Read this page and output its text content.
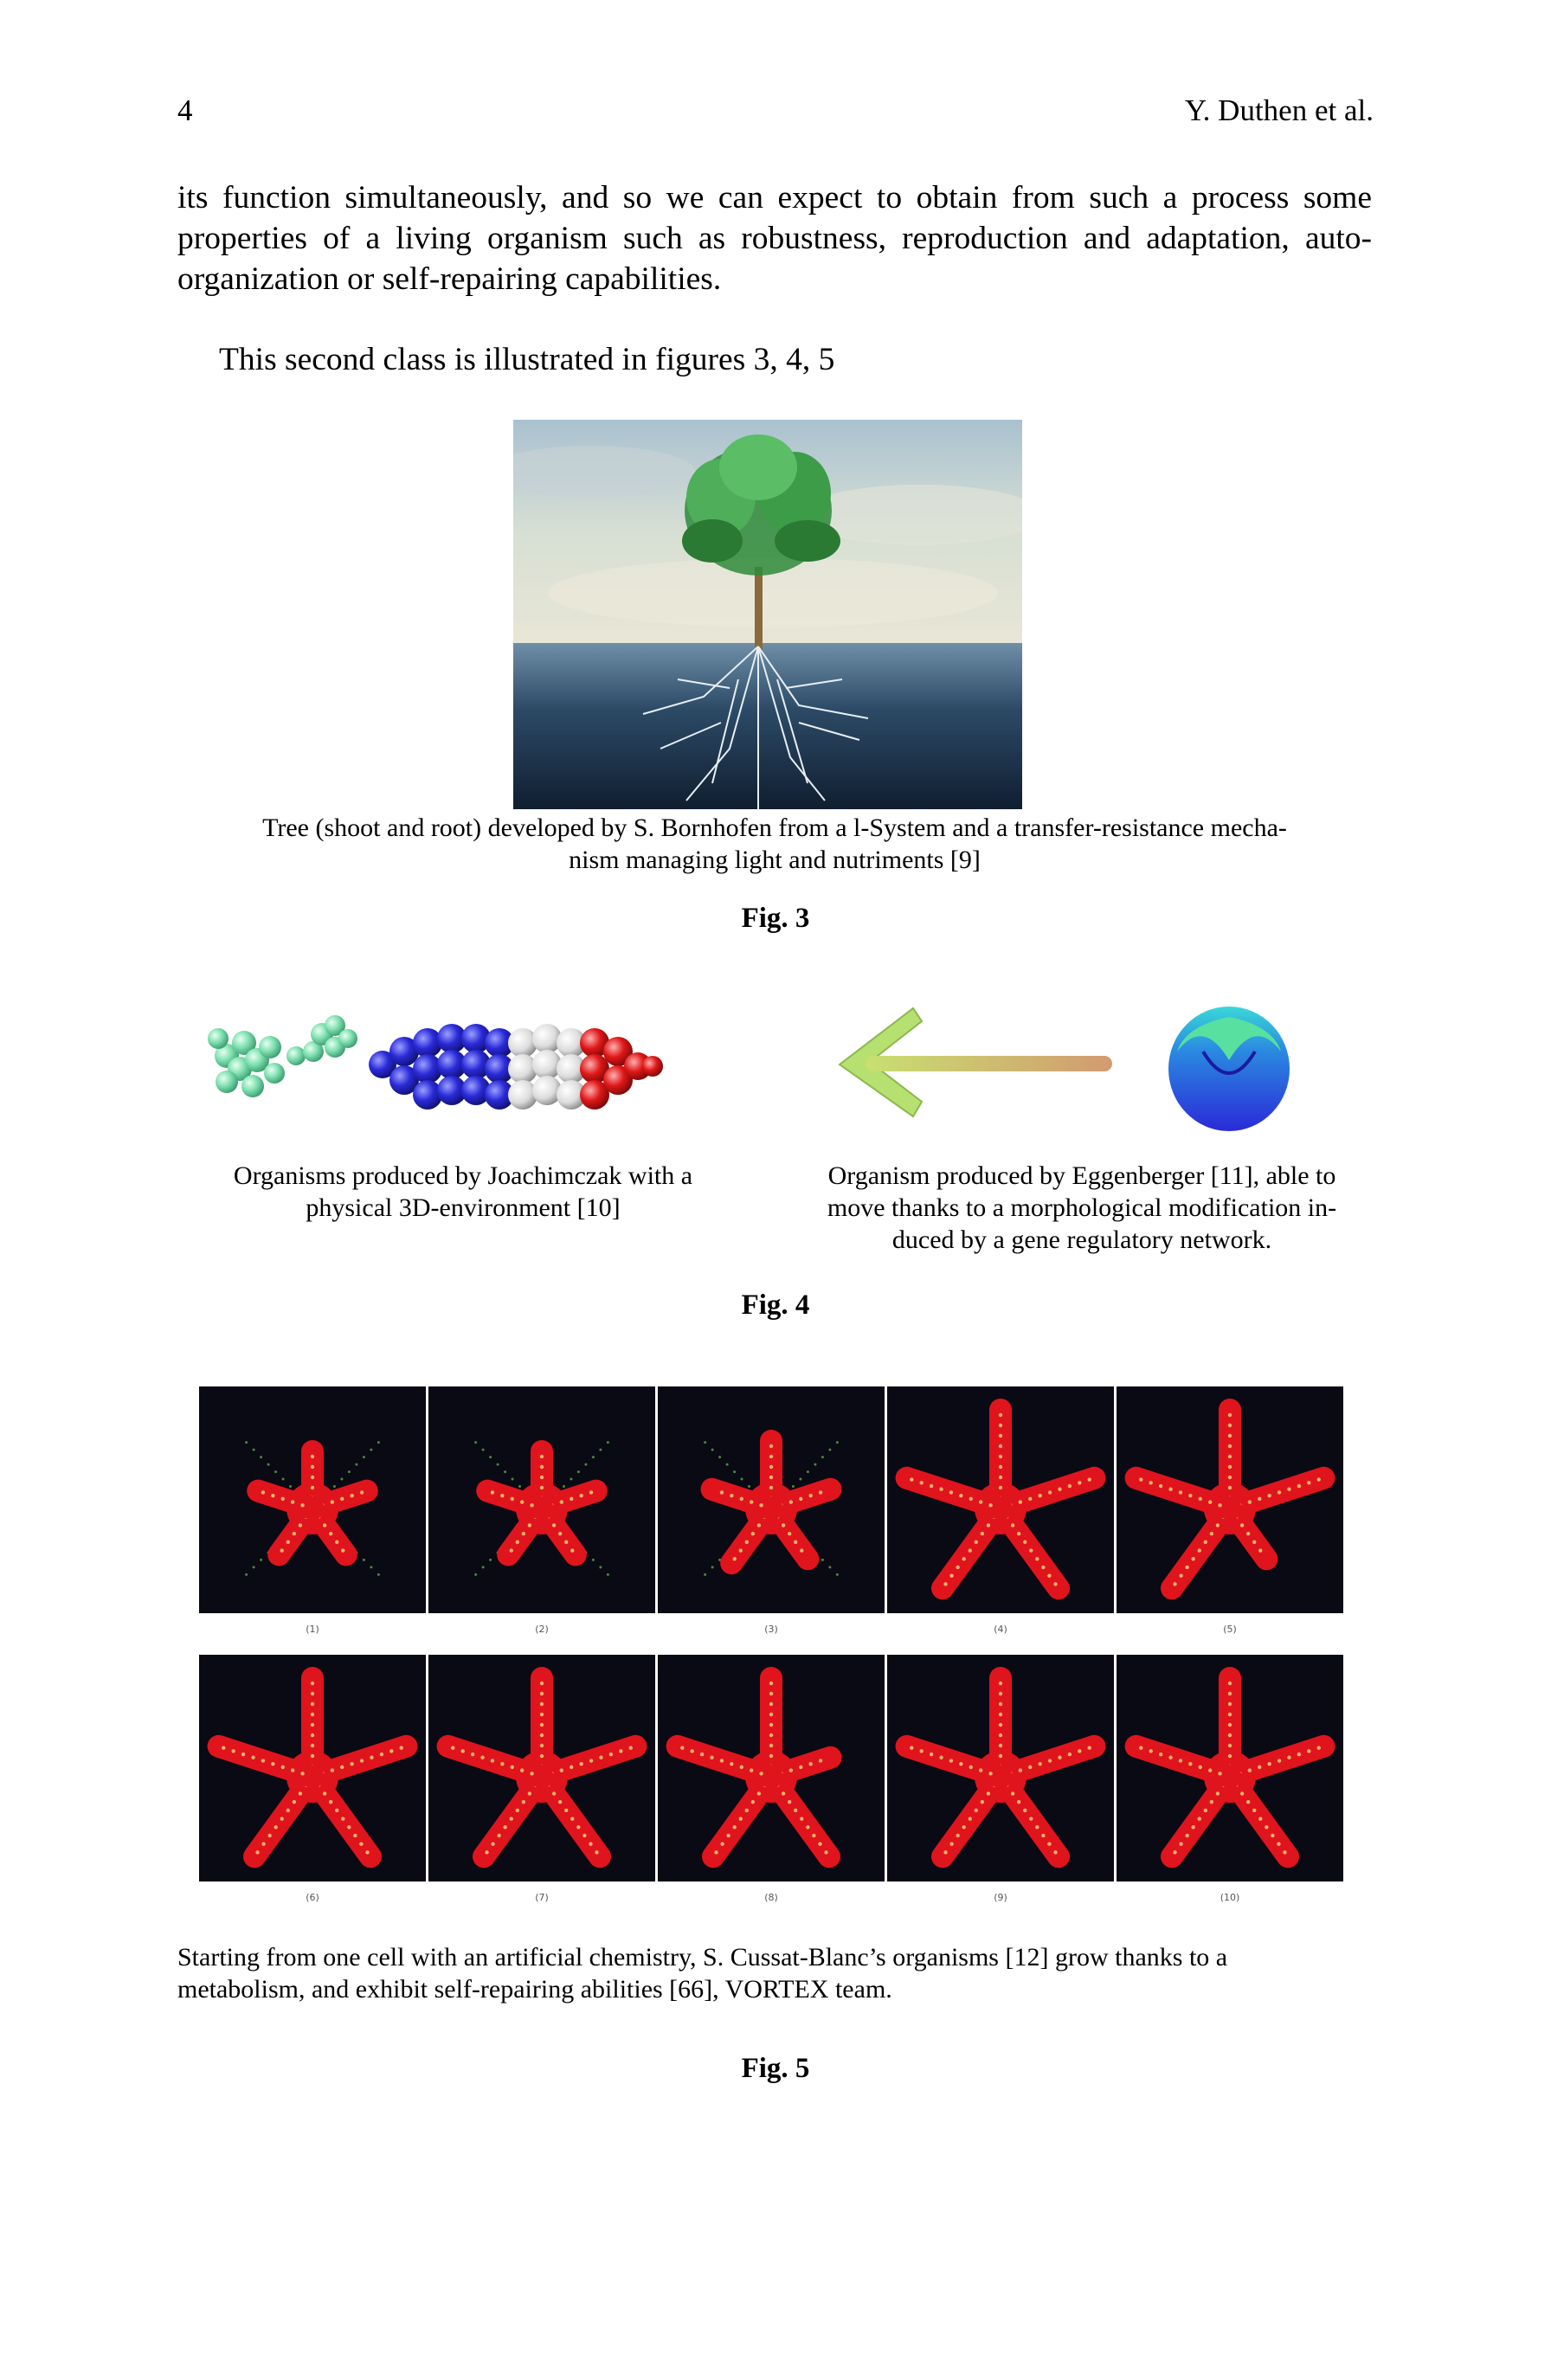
4	Y. Duthen et al.
its function simultaneously, and so we can expect to obtain from such a process some properties of a living organism such as robustness, reproduction and adaptation, auto-organization or self-repairing capabilities.
This second class is illustrated in figures 3, 4, 5
Tree (shoot and root) developed by S. Bornhofen from a l-System and a transfer-resistance mecha-
nism managing light and nutriments [9]
Fig. 3
Organisms produced by Joachimczak with a
physical 3D-environment [10]
Organism produced by Eggenberger [11], able to
move thanks to a morphological modification in-
duced by a gene regulatory network.
Fig. 4
(1)	(2)	(3)	(4)	(5)
(6)	(7)	(8)	(9)	(10)
Starting from one cell with an artificial chemistry, S. Cussat-Blanc’s organisms [12] grow thanks to a
metabolism, and exhibit self-repairing abilities [66], VORTEX team.
Fig. 5
